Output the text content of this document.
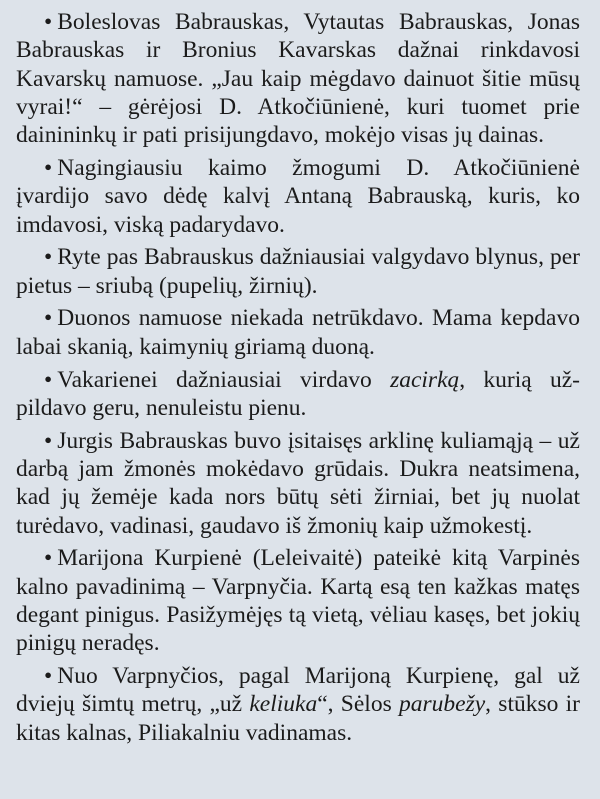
• Boleslovas Babrauskas, Vytautas Babrauskas, Jonas Babrauskas ir Bronius Kavarskas dažnai rinkdavosi Kavarskų namuose. „Jau kaip mėgdavo dainuot šitie mūsų vyrai!“ – gėrėjosi D. Atkočiūnienė, kuri tuomet prie dainininkų ir pati prisijungdavo, mokėjo visas jų dainas.

• Nagingiausiu kaimo žmogumi D. Atkočiūnienė įvardijo savo dėdę kalvį Antaną Babrauską, kuris, ko imdavosi, viską padarydavo.

• Ryte pas Babrauskus dažniausiai valgydavo blynus, per pietus – sriubą (pupelių, žirnių).

• Duonos namuose niekada netrūkdavo. Mama kepdavo labai skanią, kaimynių giriamą duoną.

• Vakarienei dažniausiai virdavo zacirką, kurią užpildavo geru, nenuleistu pienu.

• Jurgis Babrauskas buvo įsitaisęs arklinę kuliamąją – už darbą jam žmonės mokėdavo grūdais. Dukra neatsimena, kad jų žemėje kada nors būtų sėti žirniai, bet jų nuolat turėdavo, vadinasi, gaudavo iš žmonių kaip užmokestį.

• Marijona Kurpienė (Leleivaitė) pateikė kitą Varpinės kalno pavadinimą – Varpnyčia. Kartą esą ten kažkas matęs degant pinigus. Pasižymėjęs tą vietą, vėliau kasęs, bet jokių pinigų neradęs.

• Nuo Varpnyčios, pagal Marijoną Kurpienę, gal už dviejų šimtų metrų, „už keliuka“, Sėlos parubežy, stūkso ir kitas kalnas, Piliakalniu vadinamas.
